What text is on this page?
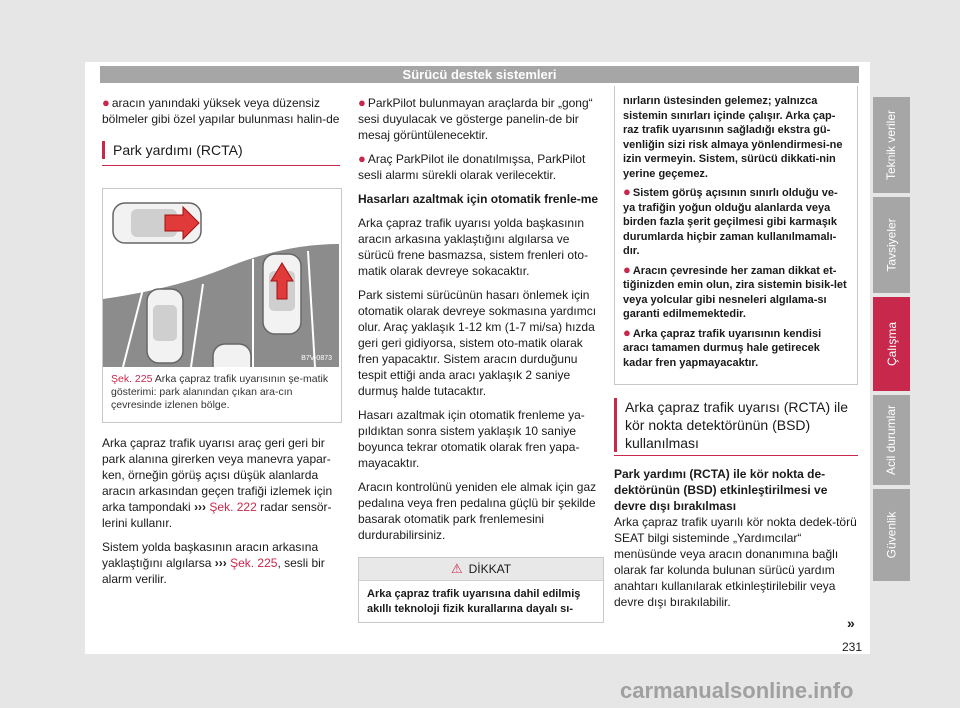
Sürücü destek sistemleri

● aracın yanındaki yüksek veya düzensiz bölmeler gibi özel yapılar bulunması halin-de

Park yardımı (RCTA)
B7V-0873
Şek. 225 Arka çapraz trafik uyarısının şe-matik gösterimi: park alanından çıkan ara-cın çevresinde izlenen bölge.

Arka çapraz trafik uyarısı araç geri geri bir park alanına girerken veya manevra yapar-ken, örneğin görüş açısı düşük alanlarda aracın arkasından geçen trafiği izlemek için arka tampondaki ››› Şek. 222 radar sensör-lerini kullanır.

Sistem yolda başkasının aracın arkasına yaklaştığını algılarsa ››› Şek. 225, sesli bir alarm verilir.

● ParkPilot bulunmayan araçlarda bir „gong“ sesi duyulacak ve gösterge panelin-de bir mesaj görüntülenecektir.

● Araç ParkPilot ile donatılmışsa, ParkPilot sesli alarmı sürekli olarak verilecektir.

Hasarları azaltmak için otomatik frenle-me

Arka çapraz trafik uyarısı yolda başkasının aracın arkasına yaklaştığını algılarsa ve sürücü frene basmazsa, sistem frenleri oto-matik olarak devreye sokacaktır.

Park sistemi sürücünün hasarı önlemek için otomatik olarak devreye sokmasına yardımcı olur. Araç yaklaşık 1-12 km (1-7 mi/sa) hızda geri geri gidiyorsa, sistem oto-matik olarak fren yapacaktır. Sistem aracın durduğunu tespit ettiği anda aracı yaklaşık 2 saniye durmuş halde tutacaktır.

Hasarı azaltmak için otomatik frenleme ya-pıldıktan sonra sistem yaklaşık 10 saniye boyunca tekrar otomatik olarak fren yapa-mayacaktır.

Aracın kontrolünü yeniden ele almak için gaz pedalına veya fren pedalına güçlü bir şekilde basarak otomatik park frenlemesini durdurabilirsiniz.

⚠ DİKKAT
Arka çapraz trafik uyarısına dahil edilmiş akıllı teknoloji fizik kurallarına dayalı sı-

nırların üstesinden gelemez; yalnızca sistemin sınırları içinde çalışır. Arka çap-raz trafik uyarısının sağladığı ekstra gü-venliğin sizi risk almaya yönlendirmesi-ne izin vermeyin. Sistem, sürücü dikkati-nin yerine geçemez.

● Sistem görüş açısının sınırlı olduğu ve-ya trafiğin yoğun olduğu alanlarda veya birden fazla şerit geçilmesi gibi karmaşık durumlarda hiçbir zaman kullanılmamalı-dır.

● Aracın çevresinde her zaman dikkat et-tiğinizden emin olun, zira sistemin bisik-let veya yolcular gibi nesneleri algılama-sı garanti edilmemektedir.

● Arka çapraz trafik uyarısının kendisi aracı tamamen durmuş hale getirecek kadar fren yapmayacaktır.

Arka çapraz trafik uyarısı (RCTA) ile kör nokta detektörünün (BSD) kullanılması

Park yardımı (RCTA) ile kör nokta de-dektörünün (BSD) etkinleştirilmesi ve devre dışı bırakılması

Arka çapraz trafik uyarılı kör nokta dedek-törü SEAT bilgi sisteminde „Yardımcılar“ menüsünde veya aracın donanımına bağlı olarak far kolunda bulunan sürücü yardım anahtarı kullanılarak etkinleştirilebilir veya devre dışı bırakılabilir.

»
231
Teknik veriler
Tavsiyeler
Çalışma
Acil durumlar
Güvenlik
carmanualsonline.info
